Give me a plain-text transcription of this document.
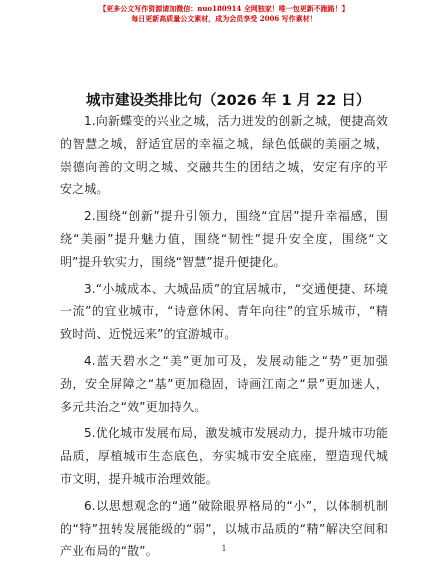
【更多公文写作资源请加微信：nuo180914 全网独家！唯一包更新不跑路！】
每日更新高质量公文素材，成为会员享受 2006 写作素材！
城市建设类排比句（2026 年 1 月 22 日）

1.向新蝶变的兴业之城，活力迸发的创新之城，便捷高效的智慧之城，舒适宜居的幸福之城，绿色低碳的美丽之城，崇德向善的文明之城、交融共生的团结之城，安定有序的平安之城。

2.围绕“创新”提升引领力，围绕“宜居”提升幸福感，围绕“美丽”提升魅力值，围绕“韧性”提升安全度，围绕“文明”提升软实力，围绕“智慧”提升便捷化。

3.“小城成本、大城品质”的宜居城市，“交通便捷、环境一流”的宜业城市，“诗意休闲、青年向往”的宜乐城市，“精致时尚、近悦远来”的宜游城市。

4.蓝天碧水之“美”更加可及，发展动能之“势”更加强劲，安全屏障之“基”更加稳固，诗画江南之“景”更加迷人，多元共治之“效”更加持久。

5.优化城市发展布局，激发城市发展动力，提升城市功能品质，厚植城市生态底色，夯实城市安全底座，塑造现代城市文明，提升城市治理效能。

6.以思想观念的“通”破除眼界格局的“小”，以体制机制的“特”扭转发展能级的“弱”，以城市品质的“精”解决空间和产业布局的“散”。	1
